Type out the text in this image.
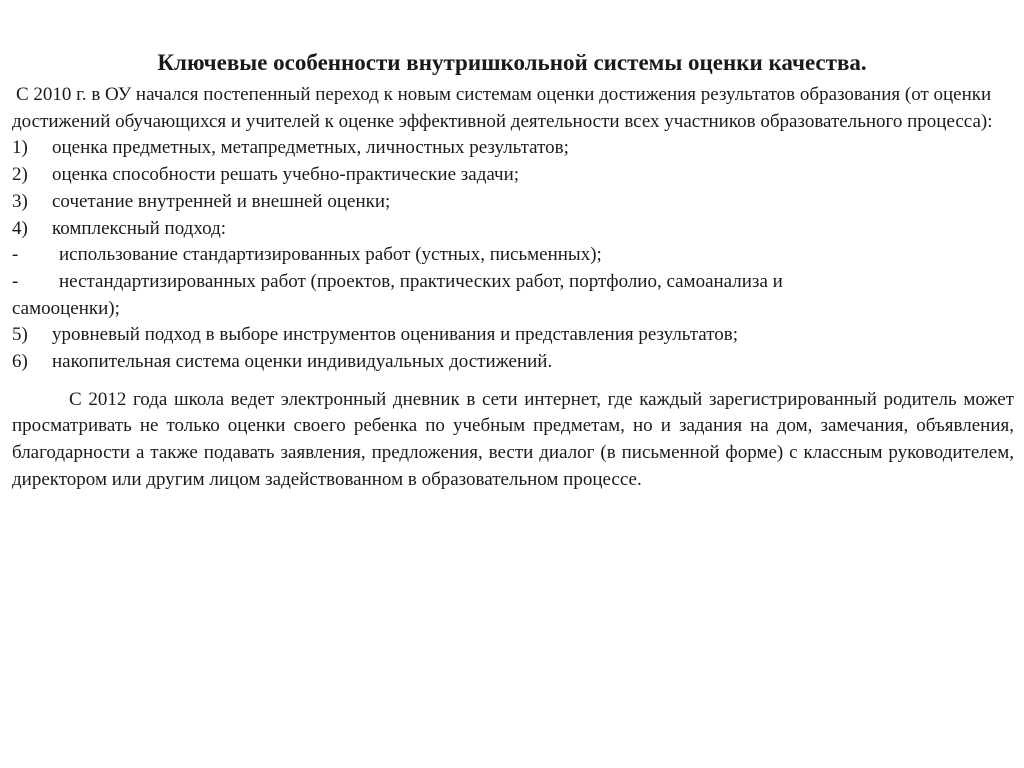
Ключевые особенности внутришкольной системы оценки качества.

С 2010 г. в ОУ начался постепенный переход к новым системам оценки достижения результатов образования (от оценки достижений обучающихся и учителей к оценке эффективной деятельности всех участников образовательного процесса):

1)	оценка предметных, метапредметных, личностных результатов;
2)	оценка способности решать учебно-практические задачи;
3)	сочетание внутренней и внешней оценки;
4)	комплексный подход:
-	использование стандартизированных работ (устных, письменных);
-	нестандартизированных работ (проектов, практических работ, портфолио, самоанализа и
самооценки);
5)	уровневый подход в выборе инструментов оценивания и представления результатов;
6)	накопительная система оценки индивидуальных достижений.

С 2012 года школа ведет электронный дневник в сети интернет, где каждый зарегистрированный родитель может просматривать не только оценки своего ребенка по учебным предметам, но и задания на дом, замечания, объявления, благодарности а также подавать заявления, предложения, вести диалог (в письменной форме) с классным руководителем, директором или другим лицом задействованном в образовательном процессе.
